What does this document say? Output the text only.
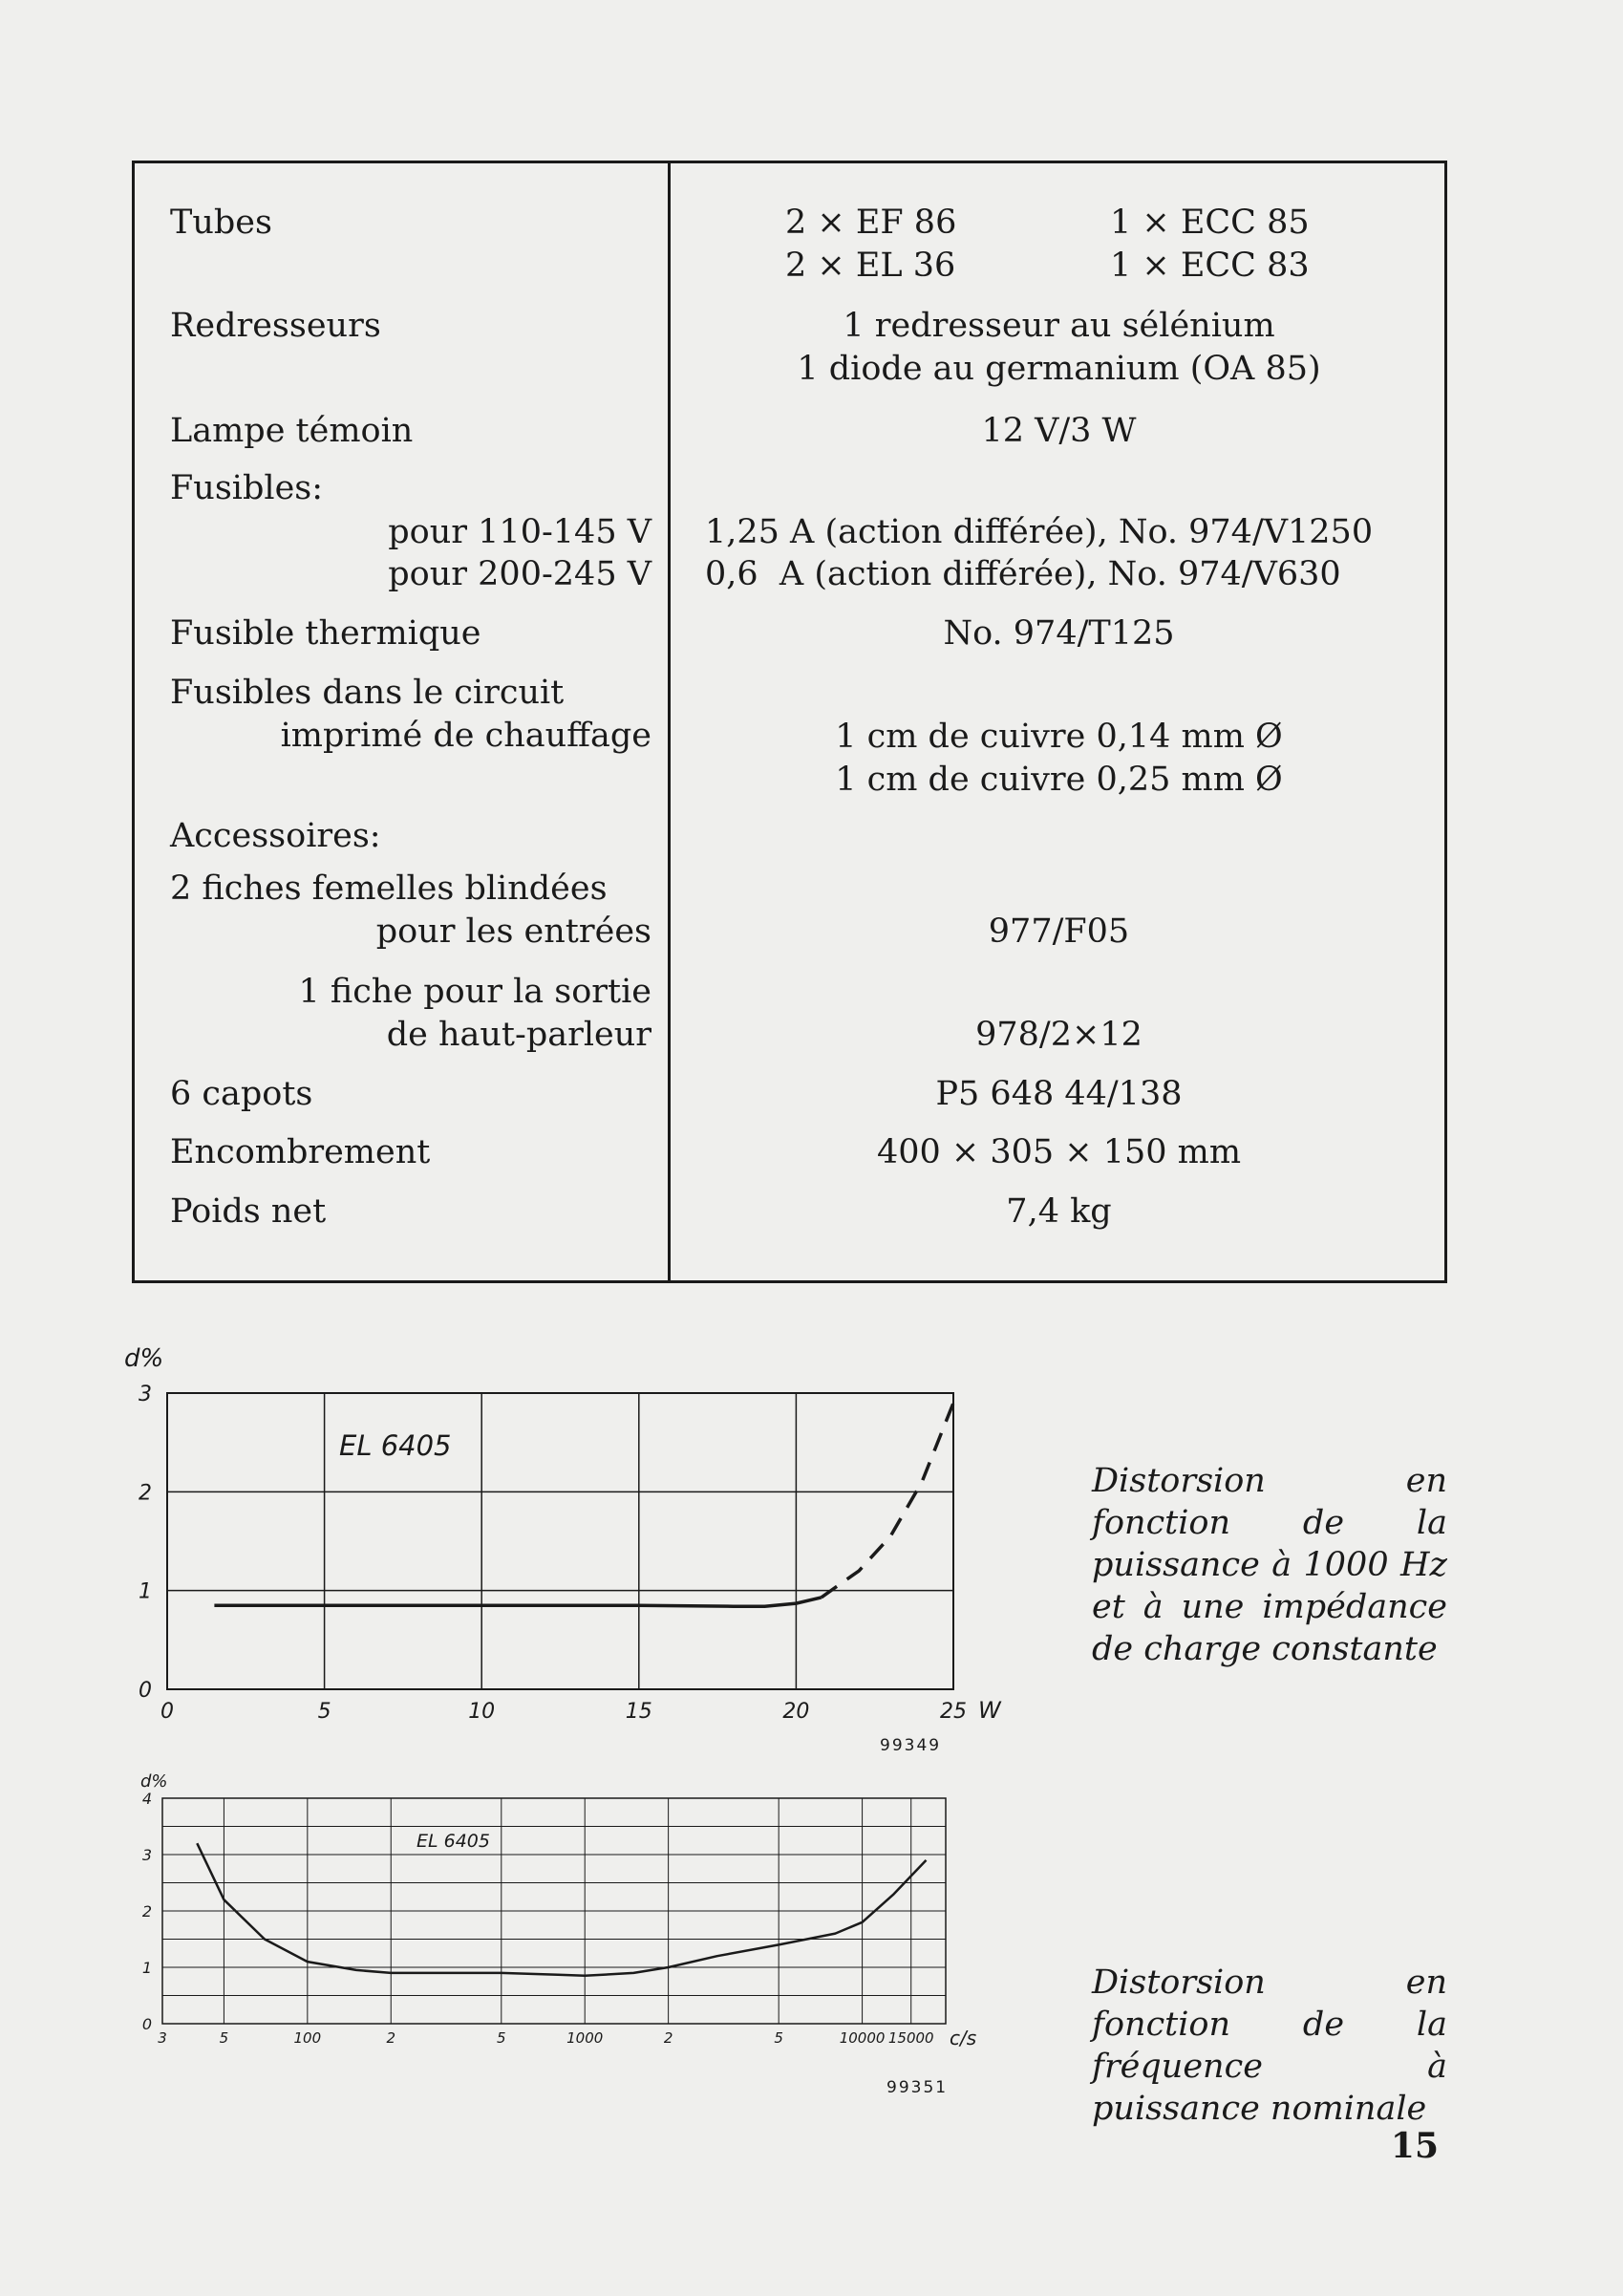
Tubes	2 × EF 86	1 × ECC 85
2 × EL 36	1 × ECC 83
Redresseurs	1 redresseur au sélénium
1 diode au germanium (OA 85)
Lampe témoin	12 V/3 W
Fusibles:
pour 110-145 V 1,25 A (action différée), No. 974/V1250
pour 200-245 V 0,6  A (action différée), No. 974/V630
Fusible thermique	No. 974/T125
Fusibles dans le circuit
imprimé de chauffage	1 cm de cuivre 0,14 mm Ø
1 cm de cuivre 0,25 mm Ø
Accessoires:
2 fiches femelles blindées
pour les entrées	977/F05
1 fiche pour la sortie
de haut-parleur	978/2×12
6 capots	P5 648 44/138
Encombrement	400 × 305 × 150 mm
Poids net	7,4 kg
0	5	10	15	20	25
0
1
2
3
d%
W
EL 6405
99349
Distorsion en fonction de la puissance à 1000 Hz et à une impédance de charge constante
3	5	100	2	5	1000	2	5	10000 15000
0
1
2
3
4
d%
c/s
EL 6405
99351
Distorsion en fonction de la fréquence à puissance nominale
15
